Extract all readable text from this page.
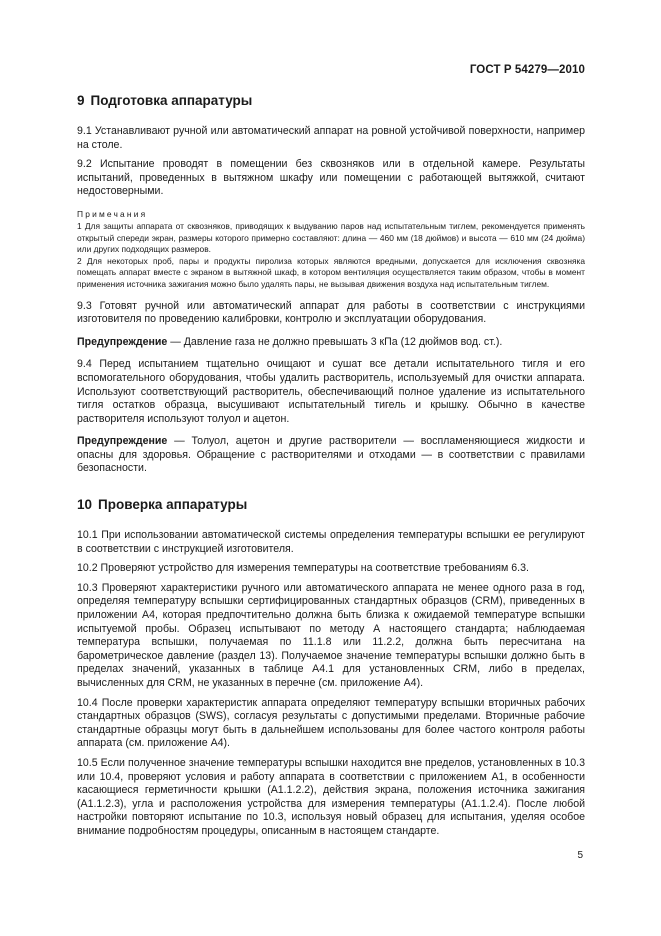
ГОСТ Р 54279—2010
9 Подготовка аппаратуры

9.1 Устанавливают ручной или автоматический аппарат на ровной устойчивой поверхности, например на столе.

9.2 Испытание проводят в помещении без сквозняков или в отдельной камере. Результаты испытаний, проведенных в вытяжном шкафу или помещении с работающей вытяжкой, считают недостоверными.

Примечания

1 Для защиты аппарата от сквозняков, приводящих к выдуванию паров над испытательным тиглем, рекомендуется применять открытый спереди экран, размеры которого примерно составляют: длина — 460 мм (18 дюймов) и высота — 610 мм (24 дюйма) или других подходящих размеров.

2 Для некоторых проб, пары и продукты пиролиза которых являются вредными, допускается для исключения сквозняка помещать аппарат вместе с экраном в вытяжной шкаф, в котором вентиляция осуществляется таким образом, чтобы в момент применения источника зажигания можно было удалять пары, не вызывая движения воздуха над испытательным тиглем.

9.3 Готовят ручной или автоматический аппарат для работы в соответствии с инструкциями изготовителя по проведению калибровки, контролю и эксплуатации оборудования.

Предупреждение — Давление газа не должно превышать 3 кПа (12 дюймов вод. ст.).

9.4 Перед испытанием тщательно очищают и сушат все детали испытательного тигля и его вспомогательного оборудования, чтобы удалить растворитель, используемый для очистки аппарата. Используют соответствующий растворитель, обеспечивающий полное удаление из испытательного тигля остатков образца, высушивают испытательный тигель и крышку. Обычно в качестве растворителя используют толуол и ацетон.

Предупреждение — Толуол, ацетон и другие растворители — воспламеняющиеся жидкости и опасны для здоровья. Обращение с растворителями и отходами — в соответствии с правилами безопасности.

10 Проверка аппаратуры

10.1 При использовании автоматической системы определения температуры вспышки ее регулируют в соответствии с инструкцией изготовителя.

10.2 Проверяют устройство для измерения температуры на соответствие требованиям 6.3.

10.3 Проверяют характеристики ручного или автоматического аппарата не менее одного раза в год, определяя температуру вспышки сертифицированных стандартных образцов (CRM), приведенных в приложении А4, которая предпочтительно должна быть близка к ожидаемой температуре вспышки испытуемой пробы. Образец испытывают по методу А настоящего стандарта; наблюдаемая температура вспышки, получаемая по 11.1.8 или 11.2.2, должна быть пересчитана на барометрическое давление (раздел 13). Получаемое значение температуры вспышки должно быть в пределах значений, указанных в таблице А4.1 для установленных CRM, либо в пределах, вычисленных для CRM, не указанных в перечне (см. приложение А4).

10.4 После проверки характеристик аппарата определяют температуру вспышки вторичных рабочих стандартных образцов (SWS), согласуя результаты с допустимыми пределами. Вторичные рабочие стандартные образцы могут быть в дальнейшем использованы для более частого контроля работы аппарата (см. приложение А4).

10.5 Если полученное значение температуры вспышки находится вне пределов, установленных в 10.3 или 10.4, проверяют условия и работу аппарата в соответствии с приложением А1, в особенности касающиеся герметичности крышки (А1.1.2.2), действия экрана, положения источника зажигания (А1.1.2.3), угла и расположения устройства для измерения температуры (А1.1.2.4). После любой настройки повторяют испытание по 10.3, используя новый образец для испытания, уделяя особое внимание подробностям процедуры, описанным в настоящем стандарте.

5
